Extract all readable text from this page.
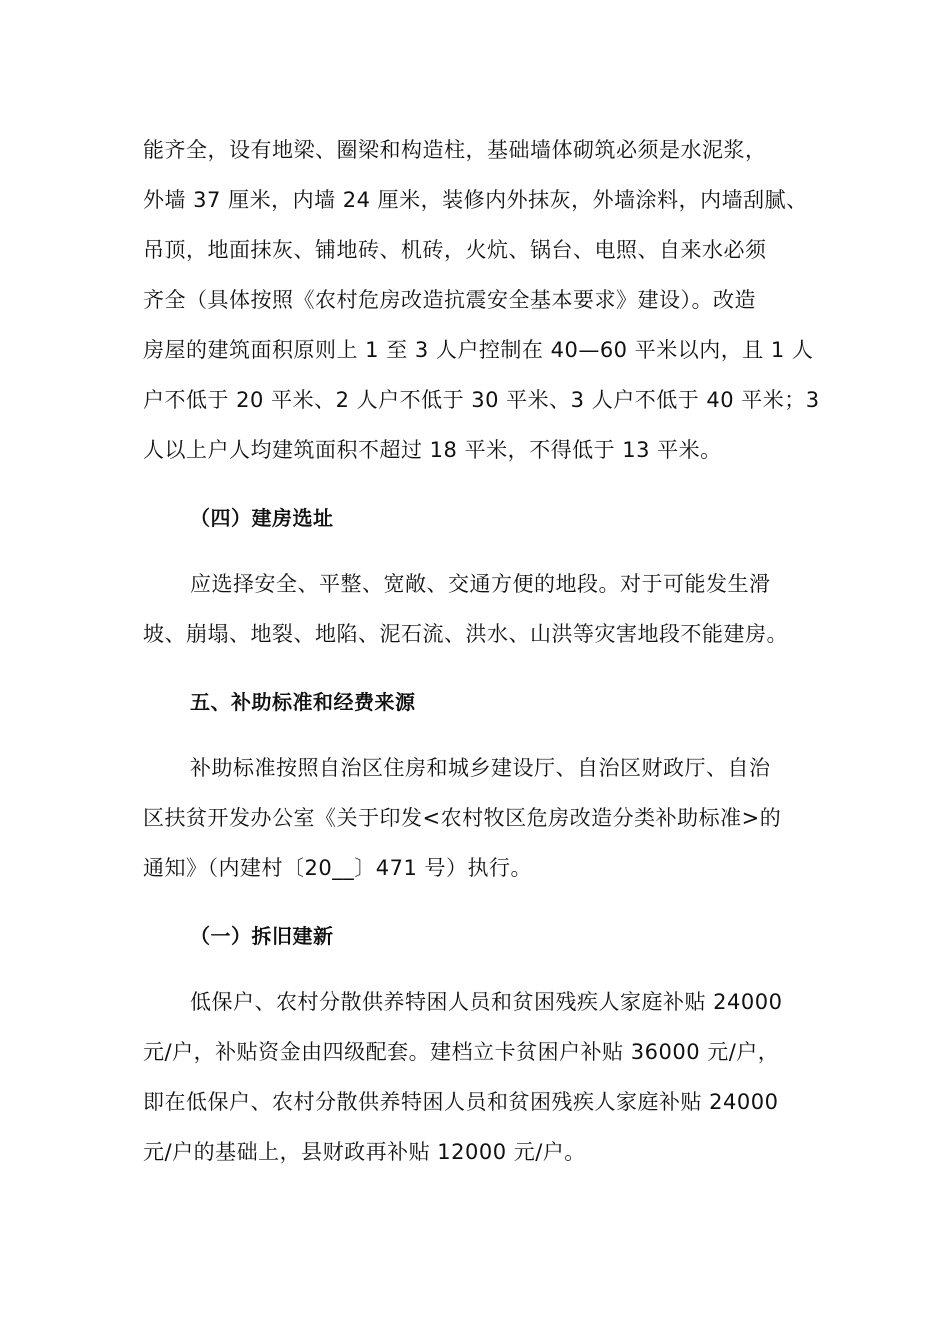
能齐全，设有地梁、圈梁和构造柱，基础墙体砌筑必须是水泥浆，
外墙 37 厘米，内墙 24 厘米，装修内外抹灰，外墙涂料，内墙刮腻、
吊顶，地面抹灰、铺地砖、机砖，火炕、锅台、电照、自来水必须
齐全（具体按照《农村危房改造抗震安全基本要求》建设）。改造
房屋的建筑面积原则上 1 至 3 人户控制在 40—60 平米以内，且 1 人
户不低于 20 平米、2 人户不低于 30 平米、3 人户不低于 40 平米；3
人以上户人均建筑面积不超过 18 平米，不得低于 13 平米。
（四）建房选址
应选择安全、平整、宽敞、交通方便的地段。对于可能发生滑
坡、崩塌、地裂、地陷、泥石流、洪水、山洪等灾害地段不能建房。
五、补助标准和经费来源
补助标准按照自治区住房和城乡建设厅、自治区财政厅、自治
区扶贫开发办公室《关于印发<农村牧区危房改造分类补助标准>的
通知》（内建村〔20__〕471 号）执行。
（一）拆旧建新
低保户、农村分散供养特困人员和贫困残疾人家庭补贴 24000
元/户，补贴资金由四级配套。建档立卡贫困户补贴 36000 元/户，
即在低保户、农村分散供养特困人员和贫困残疾人家庭补贴 24000
元/户的基础上，县财政再补贴 12000 元/户。
